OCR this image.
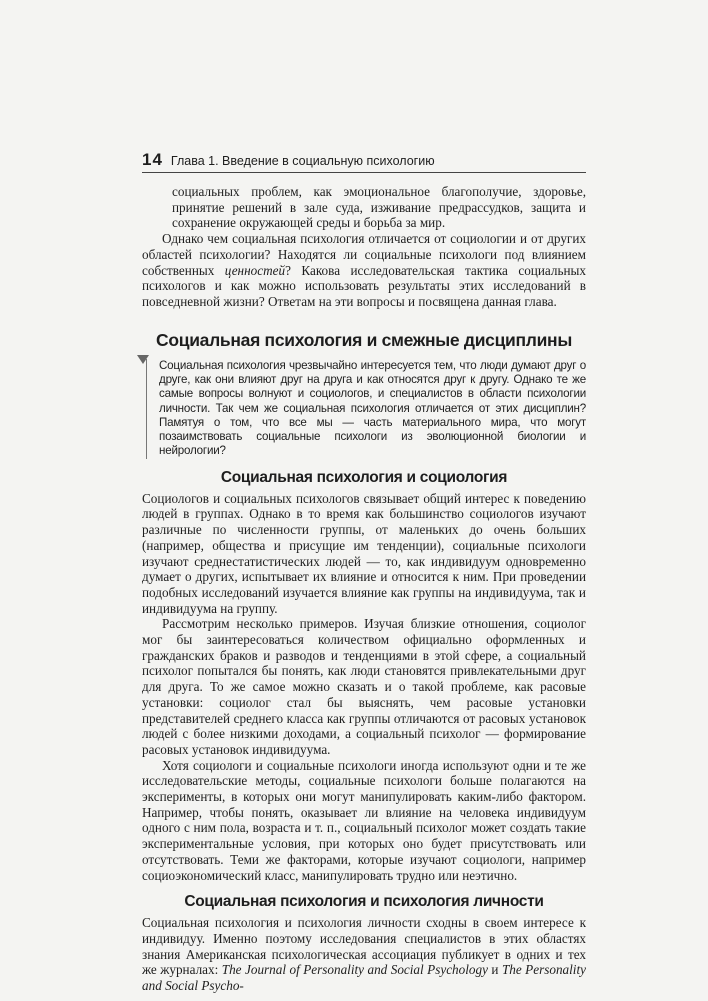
14 Глава 1. Введение в социальную психологию

социальных проблем, как эмоциональное благополучие, здоровье, принятие решений в зале суда, изживание предрассудков, защита и сохранение окружающей среды и борьба за мир.

Однако чем социальная психология отличается от социологии и от других областей психологии? Находятся ли социальные психологи под влиянием собственных ценностей? Какова исследовательская тактика социальных психологов и как можно использовать результаты этих исследований в повседневной жизни? Ответам на эти вопросы и посвящена данная глава.

Социальная психология и смежные дисциплины

Социальная психология чрезвычайно интересуется тем, что люди думают друг о друге, как они влияют друг на друга и как относятся друг к другу. Однако те же самые вопросы волнуют и социологов, и специалистов в области психологии личности. Так чем же социальная психология отличается от этих дисциплин? Памятуя о том, что все мы — часть материального мира, что могут позаимствовать социальные психологи из эволюционной биологии и нейрологии?

Социальная психология и социология

Социологов и социальных психологов связывает общий интерес к поведению людей в группах. Однако в то время как большинство социологов изучают различные по численности группы, от маленьких до очень больших (например, общества и присущие им тенденции), социальные психологи изучают среднестатистических людей — то, как индивидуум одновременно думает о других, испытывает их влияние и относится к ним. При проведении подобных исследований изучается влияние как группы на индивидуума, так и индивидуума на группу.

Рассмотрим несколько примеров. Изучая близкие отношения, социолог мог бы заинтересоваться количеством официально оформленных и гражданских браков и разводов и тенденциями в этой сфере, а социальный психолог попытался бы понять, как люди становятся привлекательными друг для друга. То же самое можно сказать и о такой проблеме, как расовые установки: социолог стал бы выяснять, чем расовые установки представителей среднего класса как группы отличаются от расовых установок людей с более низкими доходами, а социальный психолог — формирование расовых установок индивидуума.

Хотя социологи и социальные психологи иногда используют одни и те же исследовательские методы, социальные психологи больше полагаются на эксперименты, в которых они могут манипулировать каким-либо фактором. Например, чтобы понять, оказывает ли влияние на человека индивидуум одного с ним пола, возраста и т. п., социальный психолог может создать такие экспериментальные условия, при которых оно будет присутствовать или отсутствовать. Теми же факторами, которые изучают социологи, например социоэкономический класс, манипулировать трудно или неэтично.

Социальная психология и психология личности

Социальная психология и психология личности сходны в своем интересе к индивидуу. Именно поэтому исследования специалистов в этих областях знания Американская психологическая ассоциация публикует в одних и тех же журналах: The Journal of Personality and Social Psychology и The Personality and Social Psycho-
